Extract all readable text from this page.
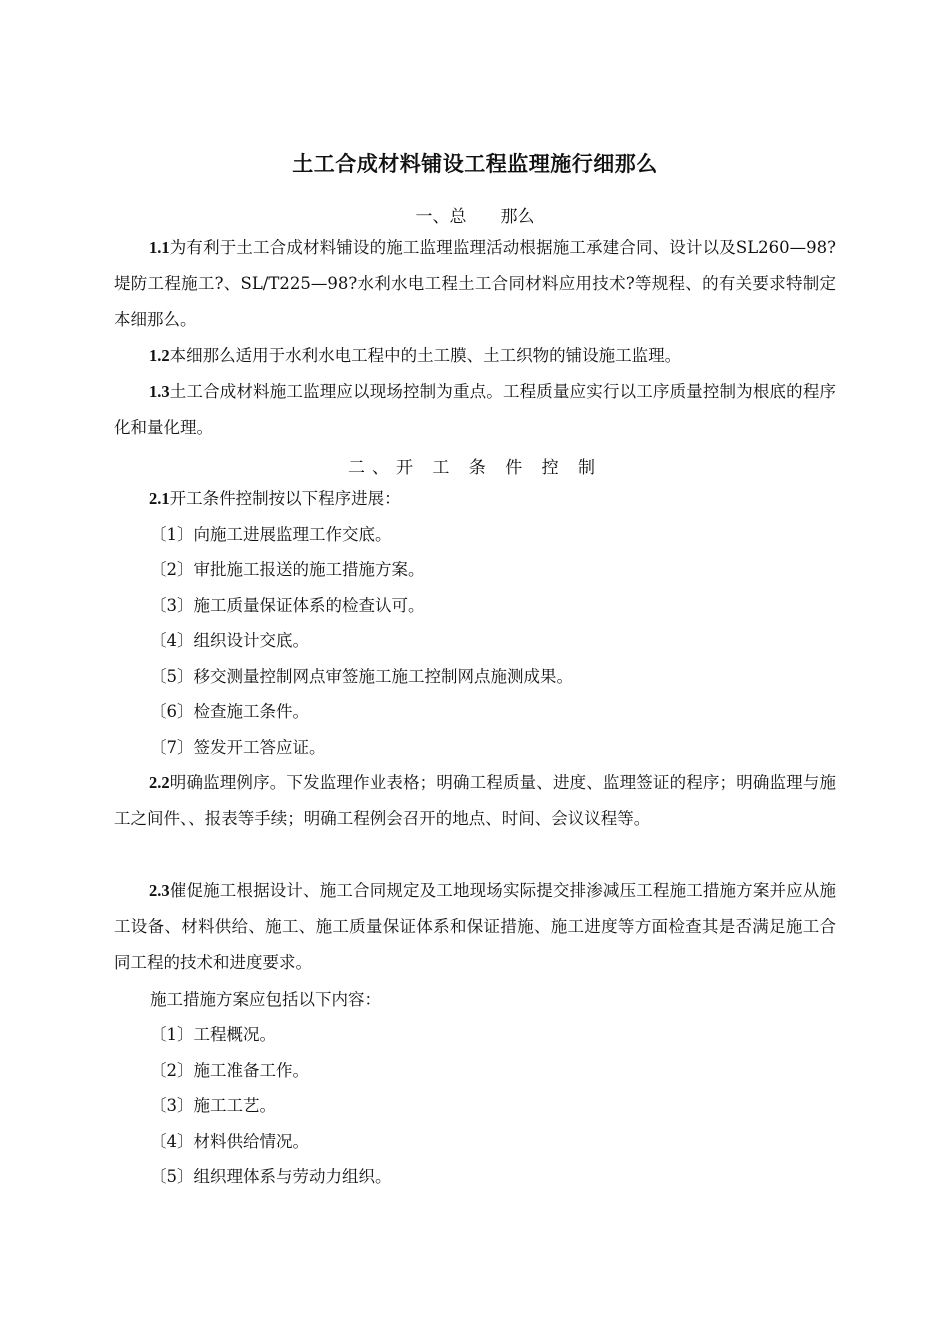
土工合成材料铺设工程监理施行细那么
一、总　　那么

1.1为有利于土工合成材料铺设的施工监理监理活动根据施工承建合同、设计以及SL260—98?堤防工程施工?、SL/T225—98?水利水电工程土工合同材料应用技术?等规程、的有关要求特制定本细那么。

1.2本细那么适用于水利水电工程中的土工膜、土工织物的铺设施工监理。

1.3土工合成材料施工监理应以现场控制为重点。工程质量应实行以工序质量控制为根底的程序化和量化理。

二、开 工 条 件 控 制

2.1开工条件控制按以下程序进展：

〔1〕向施工进展监理工作交底。
〔2〕审批施工报送的施工措施方案。
〔3〕施工质量保证体系的检查认可。
〔4〕组织设计交底。
〔5〕移交测量控制网点审签施工施工控制网点施测成果。
〔6〕检查施工条件。
〔7〕签发开工答应证。

2.2明确监理例序。下发监理作业表格；明确工程质量、进度、监理签证的程序；明确监理与施工之间件、、报表等手续；明确工程例会召开的地点、时间、会议议程等。

2.3催促施工根据设计、施工合同规定及工地现场实际提交排渗减压工程施工措施方案并应从施工设备、材料供给、施工、施工质量保证体系和保证措施、施工进度等方面检查其是否满足施工合同工程的技术和进度要求。

施工措施方案应包括以下内容：
〔1〕工程概况。
〔2〕施工准备工作。
〔3〕施工工艺。
〔4〕材料供给情况。
〔5〕组织理体系与劳动力组织。
